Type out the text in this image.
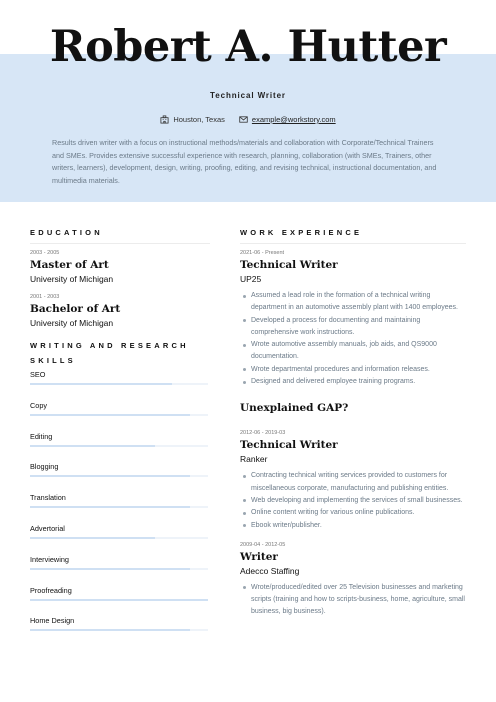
Robert A. Hutter
Technical Writer
Houston, Texas	example@workstory.com

Results driven writer with a focus on instructional methods/materials and collaboration with Corporate/Technical Trainers and SMEs. Provides extensive successful experience with research, planning, collaboration (with SMEs, Trainers, other writers, learners), development, design, writing, proofing, editing, and revising technical, instructional documentation, and multimedia materials.

EDUCATION
2003 - 2005
Master of Art
University of Michigan
2001 - 2003
Bachelor of Art
University of Michigan
WRITING AND RESEARCH SKILLS
SEO
Copy
Editing
Blogging
Translation
Advertorial
Interviewing
Proofreading
Home Design
WORK EXPERIENCE
2021-06 - Present
Technical Writer
UP25
Assumed a lead role in the formation of a technical writing department in an automotive assembly plant with 1400 employees.
Developed a process for documenting and maintaining comprehensive work instructions.
Wrote automotive assembly manuals, job aids, and QS9000 documentation.
Wrote departmental procedures and information releases.
Designed and delivered employee training programs.
Unexplained GAP?
2012-06 - 2019-03
Technical Writer
Ranker
Contracting technical writing services provided to customers for miscellaneous corporate, manufacturing and publishing entities.
Web developing and implementing the services of small businesses.
Online content writing for various online publications.
Ebook writer/publisher.
2009-04 - 2012-05
Writer
Adecco Staffing
Wrote/produced/edited over 25 Television businesses and marketing scripts (training and how to scripts-business, home, agriculture, small business, big business).
